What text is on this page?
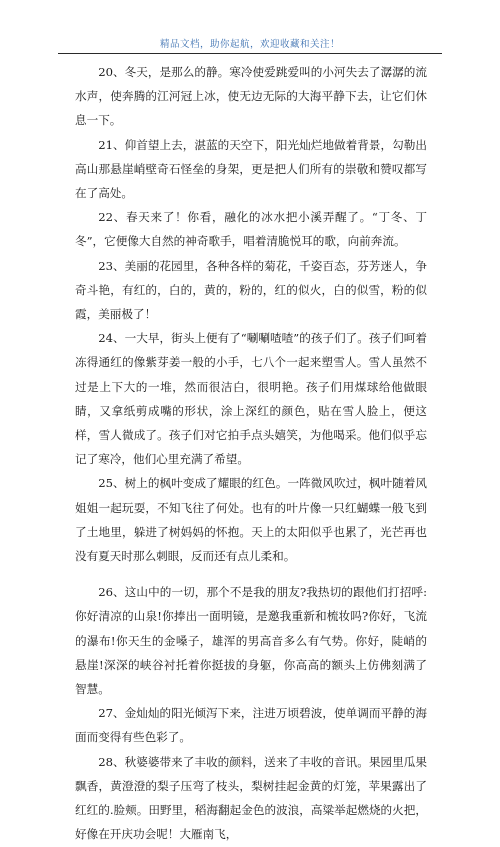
精品文档，助你起航，欢迎收藏和关注！

20、冬天，是那么的静。寒冷使爱跳爱叫的小河失去了潺潺的流水声，使奔腾的江河冠上冰，使无边无际的大海平静下去，让它们休息一下。

21、仰首望上去，湛蓝的天空下，阳光灿烂地做着背景，勾勒出高山那悬崖峭壁奇石怪垒的身架，更是把人们所有的崇敬和赞叹都写在了高处。

22、春天来了！你看，融化的冰水把小溪弄醒了。“丁冬、丁冬”，它便像大自然的神奇歌手，唱着清脆悦耳的歌，向前奔流。

23、美丽的花园里，各种各样的菊花，千姿百态，芬芳迷人，争奇斗艳，有红的，白的，黄的，粉的，红的似火，白的似雪，粉的似霞，美丽极了！

24、一大早，街头上便有了“唰唰喳喳”的孩子们了。孩子们呵着冻得通红的像紫芽姜一般的小手，七八个一起来塑雪人。雪人虽然不过是上下大的一堆，然而很洁白，很明艳。孩子们用煤球给他做眼睛，又拿纸剪成嘴的形状，涂上深红的颜色，贴在雪人脸上，便这样，雪人微成了。孩子们对它拍手点头嬉笑，为他喝采。他们似乎忘记了寒冷，他们心里充满了希望。

25、树上的枫叶变成了耀眼的红色。一阵微风吹过，枫叶随着风姐姐一起玩耍，不知飞往了何处。也有的叶片像一只红蝴蝶一般飞到了土地里，躲进了树妈妈的怀抱。天上的太阳似乎也累了，光芒再也没有夏天时那么刺眼，反而还有点儿柔和。

26、这山中的一切，那个不是我的朋友?我热切的跟他们打招呼: 你好清凉的山泉!你捧出一面明镜，是邀我重新和梳妆吗?你好，飞流的瀑布!你天生的金嗓子，雄浑的男高音多么有气势。你好，陡峭的悬崖!深深的峡谷衬托着你挺拔的身躯，你高高的额头上仿佛刻满了智慧。

27、金灿灿的阳光倾泻下来，注进万顷碧波，使单调而平静的海面而变得有些色彩了。

28、秋婆婆带来了丰收的颜料，送来了丰收的音讯。果园里瓜果飘香，黄澄澄的梨子压弯了枝头，梨树挂起金黄的灯笼，苹果露出了红红的.脸颊。田野里，稻海翻起金色的波浪，高粱举起燃烧的火把，好像在开庆功会呢！大雁南飞，
